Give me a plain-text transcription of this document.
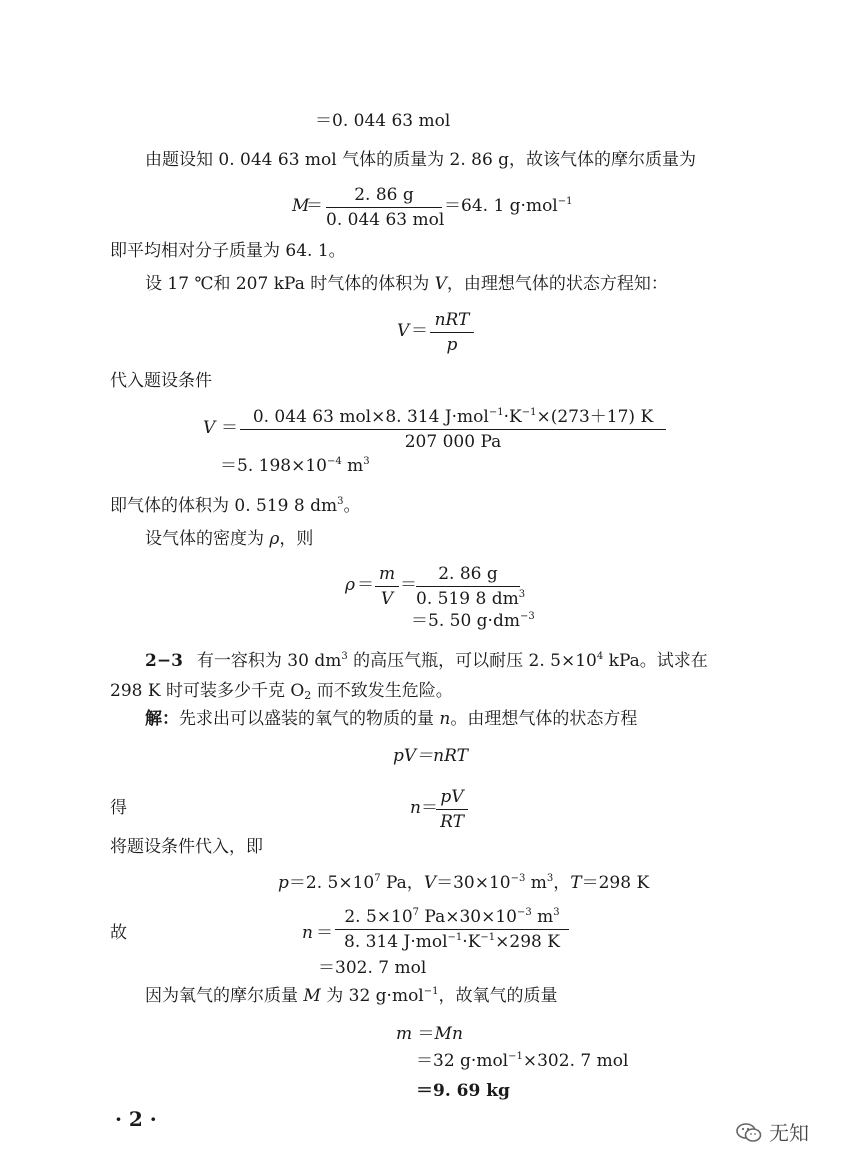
＝0. 044 63 mol
由题设知 0. 044 63 mol 气体的质量为 2. 86 g，故该气体的摩尔质量为
M
＝
2. 86 g
0. 044 63 mol
＝64. 1 g·mol$^{-1}$
即平均相对分子质量为 64. 1。
设 17 ℃和 207 kPa 时气体的体积为 V，由理想气体的状态方程知：
V ＝
nRT
p
代入题设条件
V ＝
0. 044 63 mol×8. 314 $J\cdot mol^{-1}\cdot K^{-1}\times(273+17)$ K
207 000 Pa
＝5. $198\times 10^{-4}$ $m^3$
即气体的体积为 0. 519 8 $dm^3$。
设气体的密度为 ρ，则
ρ ＝
m
V
＝
2. 86 g
0. 519 8 $dm^3$
＝5. 50 $g\cdot dm^{-3}$
2−3 有一容积为 30 $dm^3$ 的高压气瓶，可以耐压 2. $5\times 10^4$ kPa。试求在
298 K 时可装多少千克 $O_2$ 而不致发生危险。
解：先求出可以盛装的氧气的物质的量 n。由理想气体的状态方程
pV＝nRT
得	n ＝
pV
RT
将题设条件代入，即
p＝2. $5\times 10^7$ Pa，$V=30\times 10^{-3}$ $m^3$，T＝298 K
故	n ＝
2. $5\times 10^7$ $Pa\times 30\times 10^{-3}$ $m^3$
8. 314 $J\cdot mol^{-1}\cdot K^{-1}\times 298$ K
＝302. 7 mol
因为氧气的摩尔质量 M 为 32 g·mol$^{-1}$，故氧气的质量
m ＝Mn
＝32 g·mol$^{-1}$×302. 7 mol
＝9. 69 kg
· 2 ·
无知
